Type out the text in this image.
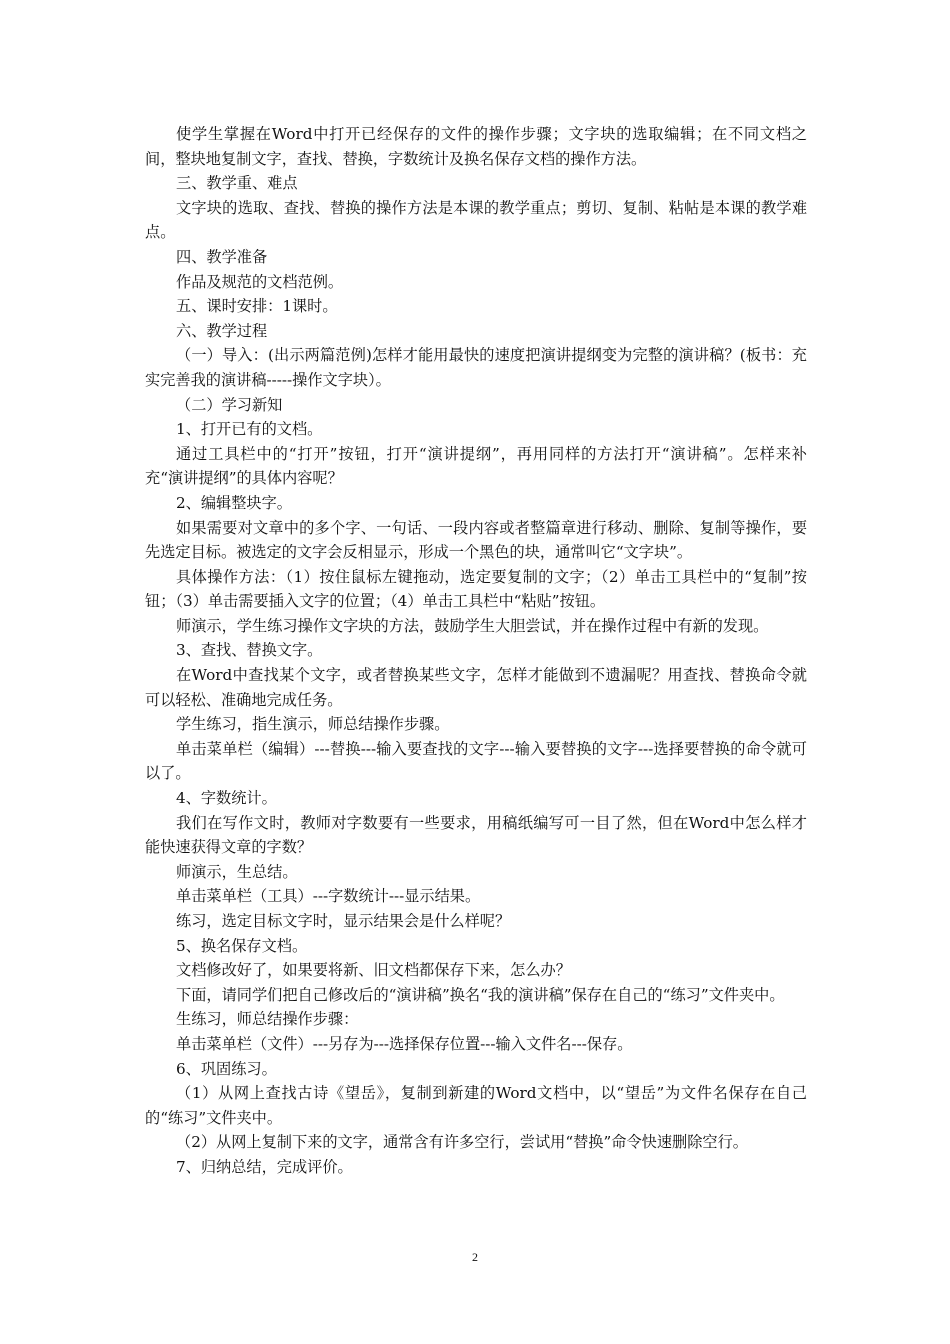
使学生掌握在Word中打开已经保存的文件的操作步骤；文字块的选取编辑；在不同文档之间，整块地复制文字，查找、替换，字数统计及换名保存文档的操作方法。

三、教学重、难点

文字块的选取、查找、替换的操作方法是本课的教学重点；剪切、复制、粘帖是本课的教学难点。

四、教学准备

作品及规范的文档范例。

五、课时安排：1课时。

六、教学过程

（一）导入：(出示两篇范例)怎样才能用最快的速度把演讲提纲变为完整的演讲稿？(板书：充实完善我的演讲稿-----操作文字块）。

（二）学习新知

1、打开已有的文档。

通过工具栏中的“打开”按钮，打开“演讲提纲”，再用同样的方法打开“演讲稿”。怎样来补充“演讲提纲”的具体内容呢？

2、编辑整块字。

如果需要对文章中的多个字、一句话、一段内容或者整篇章进行移动、删除、复制等操作，要先选定目标。被选定的文字会反相显示，形成一个黑色的块，通常叫它“文字块”。

具体操作方法：（1）按住鼠标左键拖动，选定要复制的文字；（2）单击工具栏中的“复制”按钮；（3）单击需要插入文字的位置；（4）单击工具栏中“粘贴”按钮。

师演示，学生练习操作文字块的方法，鼓励学生大胆尝试，并在操作过程中有新的发现。

3、查找、替换文字。

在Word中查找某个文字，或者替换某些文字，怎样才能做到不遗漏呢？用查找、替换命令就可以轻松、准确地完成任务。

学生练习，指生演示，师总结操作步骤。

单击菜单栏（编辑）---替换---输入要查找的文字---输入要替换的文字---选择要替换的命令就可以了。

4、字数统计。

我们在写作文时，教师对字数要有一些要求，用稿纸编写可一目了然，但在Word中怎么样才能快速获得文章的字数？

师演示，生总结。

单击菜单栏（工具）---字数统计---显示结果。

练习，选定目标文字时，显示结果会是什么样呢？

5、换名保存文档。

文档修改好了，如果要将新、旧文档都保存下来，怎么办？

下面，请同学们把自己修改后的“演讲稿”换名“我的演讲稿”保存在自己的“练习”文件夹中。

生练习，师总结操作步骤：

单击菜单栏（文件）---另存为---选择保存位置---输入文件名---保存。

6、巩固练习。

（1）从网上查找古诗《望岳》，复制到新建的Word文档中，以“望岳”为文件名保存在自己的“练习”文件夹中。

（2）从网上复制下来的文字，通常含有许多空行，尝试用“替换”命令快速删除空行。

7、归纳总结，完成评价。

2
